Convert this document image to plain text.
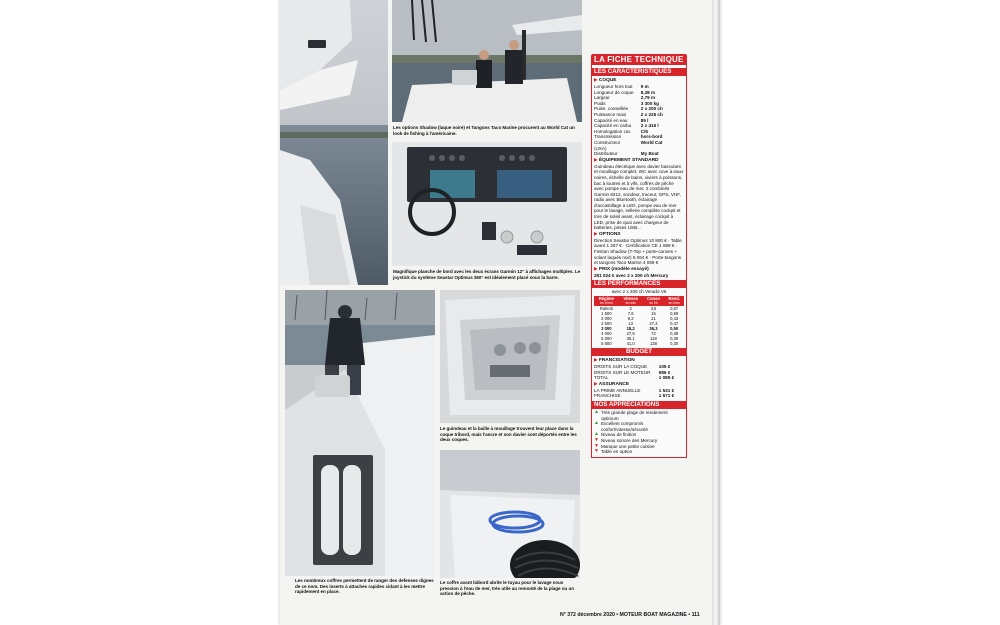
Les options Shadow (laque noire) et Tangons Taco Marine procurent au World Cat un look de fishing à l'américaine.
Magnifique planche de bord avec les deux écrans Garmin 12" à affichages multiples. Le joystick du système Seastar Optimus 360° est idéalement placé sous la barre.
Les nombreux coffres permettent de ranger des defenses dignes de ce nom. Des inserts à attaches rapides cidant à les mettre rapidement en place.
Le guindeau et la baille à mouillage trouvent leur place dans la coque tribord, mais l'ancre et son davier sont déportés entre les deux coques.
Le coffre avant bâbord abrite le tuyau pour le lavage sous pression à l'eau de mer, très utile au remonté de la plage ou un action de pêche.
LA FICHE TECHNIQUE
LES CARACTÉRISTIQUES
▶ COQUE
Longueur hors tout	9 m
Longueur de coque	8,38 m
Largeur	2,79 m
Poids	3 300 kg
Puiss. conseillée	2 x 200 ch
Puissance maxi	2 x 225 ch
Capacité en eau	85 l
Capacité en carbu	2 x 416 l
Homologation cat.	C/6
Transmission	hors-bord
Constructeur	World Cat
(USA)
Distributeur	My Boat
▶ ÉQUIPEMENT STANDARD
Guindeau électrique avec davier basculant et mouillage complet, WC avec cuve à eaux noires, échelle de bains, viviers à poissons, bac à loutres et à vifs, coffres de pêche avec pompe eau de mer, 2 combinés Garmin 8212, sondeur, traceur, GPS, VHF, radio avec Bluetooth, éclairage d'accastillage à LED, pompe eau de mer pour le lavage, sellerie complète cockpit et tore de soleil avant, éclairage cockpit à LED, prise de quai avec chargeur de batteries, prises USB...
▶ OPTIONS
Direction Seastar Optimus 10 900 € · Table avant 1 267 € · Certification CE 1 869 € · Finition Shadow (T-Top + porte-cannes + volant laqués noir) 6 064 € · Porte-tangons et tangons Taco Marine 4 089 €
▶ PRIX (modèle essayé)
281 024 € avec 2 x 200 ch Mercury
LES PERFORMANCES
avec 2 x 200 ch Verado V6
Régime	Vitesse	Conso	Rend.
en tr/mn	en nds	en l/h	en l/nm
Ralenti	2	3,5	0,57
1 500	7,6	15	0,59
2 000	9,2	21	0,43
2 500	13	27,4	0,47
3 000	18,2	36,3	0,50
4 000	27,6	72	0,38
5 000	36,1	118	0,30
5 600	41,0	138	0,30
BUDGET
▶ FRANCISATION
DROITS SUR LA COQUE	105 €
DROITS SUR LE MOTEUR	986 €
TOTAL	1 085 €
▶ ASSURANCE
LA PRIME ANNUELLE	1 531 €
FRANCHISE	1 571 €
NOS APPRÉCIATIONS
▲ Très grande plage de rendement optimum
▲ Excellent compromis confort/vitesse/sécurité
▲ Niveau de finition
▼ Niveau sonore des Mercury
▼ Manque une petite cuisine
▼ Table en option
N° 372 décembre 2020 • MOTEUR BOAT MAGAZINE • 111
